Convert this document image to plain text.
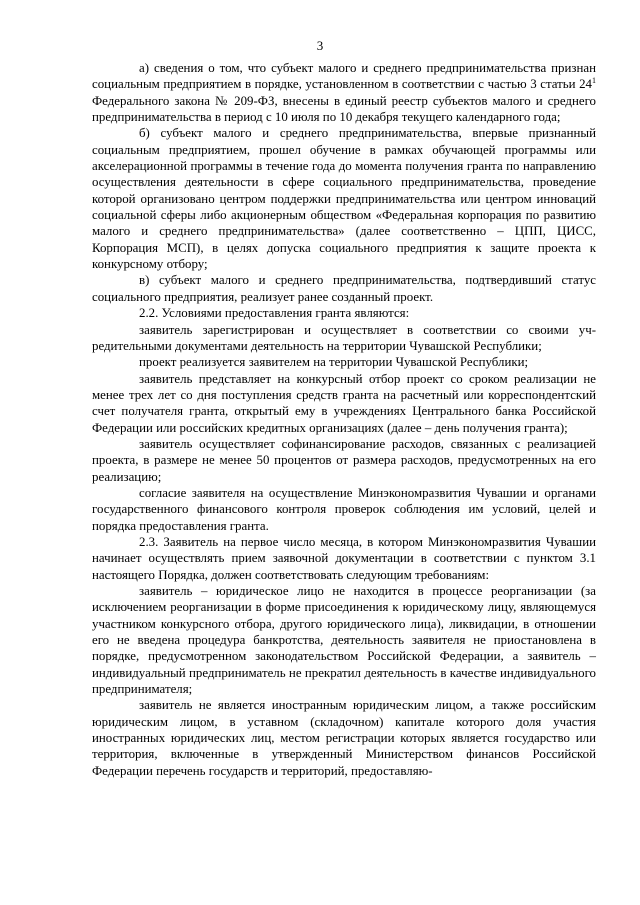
3

а) сведения о том, что субъект малого и среднего предпринимательства признан социальным предприятием в порядке, установленном в соответствии с частью 3 статьи $24^1$ Федерального закона № 209-ФЗ, внесены в единый реестр субъектов малого и среднего предпринимательства в период с 10 июля по 10 декабря текущего календарного года;

б) субъект малого и среднего предпринимательства, впервые признанный социальным предприятием, прошел обучение в рамках обучающей программы или акселерационной программы в течение года до момента получения гранта по направлению осуществления деятельности в сфере социального предпринимательства, проведение которой организовано центром поддержки предпринимательства или центром инноваций социальной сферы либо акционерным обществом «Федеральная корпорация по развитию малого и среднего предпринимательства» (далее соответственно – ЦПП, ЦИСС, Корпорация МСП), в целях допуска социального предприятия к защите проекта к конкурсному отбору;

в) субъект малого и среднего предпринимательства, подтвердивший статус социального предприятия, реализует ранее созданный проект.

2.2. Условиями предоставления гранта являются:

заявитель зарегистрирован и осуществляет в соответствии со своими учредительными документами деятельность на территории Чувашской Республики;

проект реализуется заявителем на территории Чувашской Республики;

заявитель представляет на конкурсный отбор проект со сроком реализации не менее трех лет со дня поступления средств гранта на расчетный или корреспондентский счет получателя гранта, открытый ему в учреждениях Центрального банка Российской Федерации или российских кредитных организациях (далее – день получения гранта);

заявитель осуществляет софинансирование расходов, связанных с реализацией проекта, в размере не менее 50 процентов от размера расходов, предусмотренных на его реализацию;

согласие заявителя на осуществление Минэкономразвития Чувашии и органами государственного финансового контроля проверок соблюдения им условий, целей и порядка предоставления гранта.

2.3. Заявитель на первое число месяца, в котором Минэкономразвития Чувашии начинает осуществлять прием заявочной документации в соответствии с пунктом 3.1 настоящего Порядка, должен соответствовать следующим требованиям:

заявитель – юридическое лицо не находится в процессе реорганизации (за исключением реорганизации в форме присоединения к юридическому лицу, являющемуся участником конкурсного отбора, другого юридического лица), ликвидации, в отношении его не введена процедура банкротства, деятельность заявителя не приостановлена в порядке, предусмотренном законодательством Российской Федерации, а заявитель – индивидуальный предприниматель не прекратил деятельность в качестве индивидуального предпринимателя;

заявитель не является иностранным юридическим лицом, а также российским юридическим лицом, в уставном (складочном) капитале которого доля участия иностранных юридических лиц, местом регистрации которых является государство или территория, включенные в утвержденный Министерством финансов Российской Федерации перечень государств и территорий, предоставляю-
